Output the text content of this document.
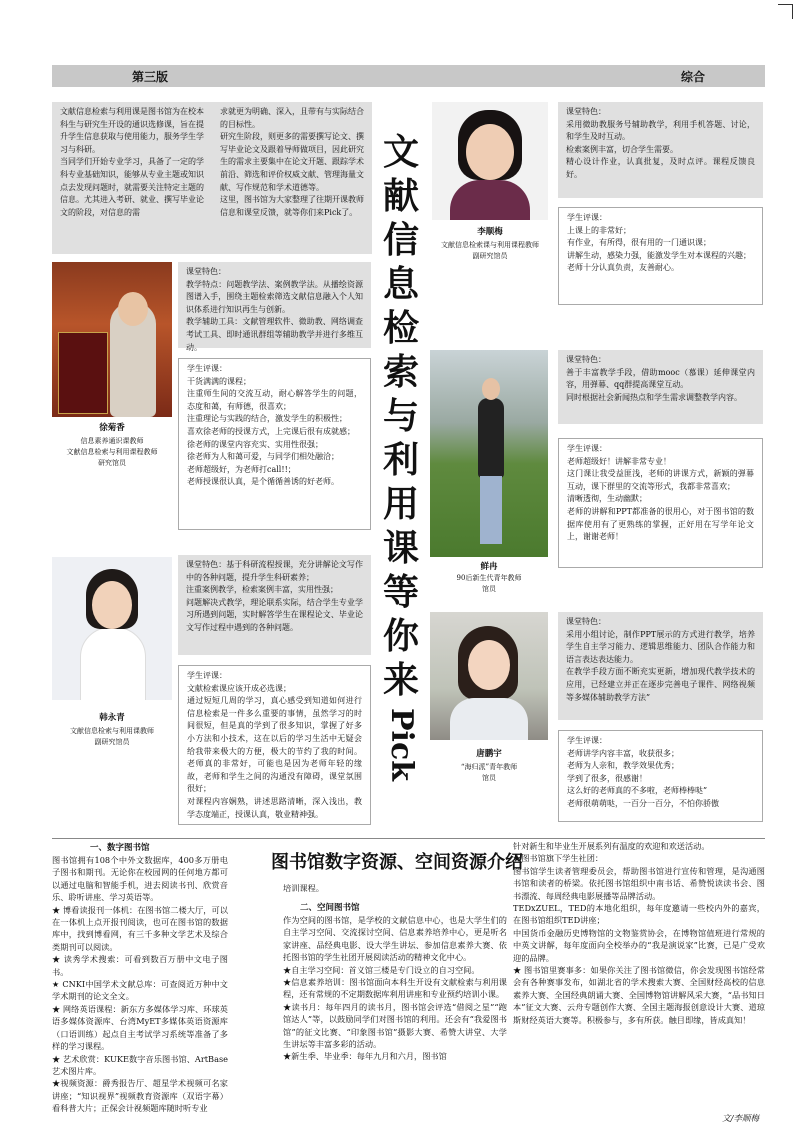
第三版	综合
文献信息检索与利用课是图书馆为在校本科生与研究生开设的通识选修课，旨在提升学生信息获取与使用能力，服务学生学习与科研。
当同学们开始专业学习，具备了一定的学科专业基础知识，能够从专业主题或知识点去发现问题时，就需要关注特定主题的信息。尤其进入考研、就业、撰写毕业论文的阶段，对信息的需
求就更为明确、深入，且带有与实际结合的目标性。
研究生阶段，则更多的需要撰写论文、撰写毕业论文及跟着导师做项目，因此研究生的需求主要集中在论文开题、跟踪学术前沿、筛选和评价权威文献、管理海量文献、写作规范和学术道德等。
这里，图书馆为大家整理了往期开课教师信息和课堂反馈，就等你们来Pick了。
文
献
信
息
检
索
与
利
用
课
等
你
来
Pick
徐菊香
信息素养通识课教师
文献信息检索与利用课程教师
研究馆员
课堂特色：
教学特点：问题教学法、案例教学法。从播绘资源图谱入手，围绕主题检索筛选文献信息融入个人知识体系进行知识再生与创新。
教学辅助工具：文献管理软件、微助教、网络调查考试工具、即时通讯群组等辅助教学并进行多维互动。
学生评课：
干货满满的课程；
注重师生间的交流互动，耐心解答学生的问题，态度和蔼，有师德，很喜欢；
注重理论与实践的结合，激发学生的积极性；
喜欢徐老师的授课方式，上完课后很有成就感；
徐老师的课堂内容充实、实用性很强；
徐老师为人和蔼可爱，与同学们相处融洽；
老师超级好，为老师打call!!；
老师授课很认真，是个循循善诱的好老师。
韩永青
文献信息检索与利用课教师
副研究馆员
课堂特色：基于科研流程授课，充分讲解论文写作中的各种问题，提升学生科研素养；
注重案例教学，检索案例丰富，实用性强；
问题解决式教学，理论联系实际，结合学生专业学习所遇到问题，实时解答学生在课程论文、毕业论文写作过程中遇到的各种问题。
学生评课：
文献检索课应该开成必选课；
通过短短几周的学习，真心感受到知道如何进行信息检索是一件多么重要的事情，虽然学习的时间很短，但是真的学到了很多知识，掌握了好多小方法和小技术，这在以后的学习生活中无疑会给我带来极大的方便，极大的节约了我的时间。老师真的非常好，可能也是因为老师年轻的缘故，老师和学生之间的沟通没有障碍，课堂氛围很好；
对课程内容娴熟，讲述思路清晰，深入浅出，教学态度端正，授课认真，敬业精神强。
李顺梅
文献信息检索课与利用课程教师
副研究馆员
课堂特色：
采用微助教服务号辅助教学，利用手机答题、讨论，和学生及时互动。
检索案例丰富，切合学生需要。
精心设计作业，认真批复，及时点评。课程反馈良好。
学生评课：
上课上的非常好；
有作业，有所得，很有用的一门通识课；
讲解生动，感染力强，能激发学生对本课程的兴趣；
老师十分认真负责，友善耐心。
鲜冉
90后新生代青年教师
馆员
课堂特色：
善于丰富教学手段，借助mooc（慕课）延伸课堂内容，用弹幕、qq群提高课堂互动。
同时根据社会新闻热点和学生需求调整教学内容。
学生评课：
老师超级好！讲解非常专业！
这门课让我受益匪浅，老师的讲课方式，新颖的弹幕互动，课下群里的交流等形式，我都非常喜欢；
清晰透彻，生动幽默；
老师的讲解和PPT都准备的很用心，对于图书馆的数据库使用有了更熟练的掌握，正好用在写学年论文上，谢谢老师！
唐鹏宇
“海归派”青年教师
馆员
课堂特色：
采用小组讨论，制作PPT展示的方式进行教学，培养学生自主学习能力、逻辑思维能力、团队合作能力和语言表达表达能力。
在教学手段方面不断充实更新，增加现代教学技术的应用，已经建立并正在逐步完善电子课件、网络视频等多媒体辅助教学方法”
学生评课：
老师讲学内容丰富，收获很多；
老师为人亲和，教学效果优秀；
学到了很多，很感谢！
这么好的老师真的不多啦，老师棒棒哒”
老师很萌萌哒，一百分一百分，不怕你骄傲
图书馆数字资源、空间资源介绍
一、数字图书馆
图书馆拥有108个中外文数据库，400多万册电子图书和期刊。无论你在校园网的任何地方都可以通过电脑和智能手机，进去阅读书刊、欣赏音乐、聆听讲座、学习英语等。
★ 博看读报刊一体机：在图书馆二楼大厅，可以在一体机上点开报刊阅读，也可在图书馆的数据库中，找到博看网，有三千多种文学艺术及综合类期刊可以阅读。
★ 读秀学术搜索：可看到数百万册中文电子图书。
★ CNKI中国学术文献总库：可查阅近万种中文学术期刊的论文全文。
★ 网络英语课程：新东方多媒体学习库、环球英语多媒体资源库、台湾MyET多媒体英语资源库（口语训练）起点自主考试学习系统等准备了多样的学习课程。
★ 艺术欣赏：KUKE数字音乐图书馆、ArtBase艺术图片库。
★视频资源：爵秀报告厅、超星学术视频可名家讲座；“知识视界”视频教育资源库（双语字幕）看科普大片；正保会计视频题库随时听专业
培训课程。
二、空间图书馆
作为空间的图书馆，是学校的文献信息中心，也是大学生们的自主学习空间、交流探讨空间、信息素养培养中心，更是听名家讲座、品经典电影、设大学生讲坛、参加信息素养大赛、依托图书馆的学生社团开展阅读活动的精神文化中心。
★自主学习空间：首义馆三楼是专门设立的自习空间。
★信息素养培训：图书馆面向本科生开设有文献检索与利用课程，还有常规的不定期数据库利用讲座和专业预约培训小课。
★读书月：每年四月的读书月，图书馆会评选“借阅之星”“跑馆达人”等，以鼓励同学们对图书馆的利用。还会有“我爱图书馆”的征文比赛、“印象图书馆”摄影大赛、希赞大讲堂、大学生讲坛等丰富多彩的活动。
★新生季、毕业季：每年九月和六月，图书馆
针对新生和毕业生开展系列有温度的欢迎和欢送活动。
★图书馆旗下学生社团：
图书馆学生读者管理委员会，帮助图书馆进行宣传和管理，是沟通图书馆和读者的桥梁。依托图书馆组织中南书话、希赞悦读读书会、图书漂流、每周经典电影展播等品牌活动。
TEDxZUEL，TED的本地化组织，每年度邀请一些校内外的嘉宾，在图书馆组织TED讲座；
中国货币金融历史博物馆的文物鉴赏协会，在博物馆值班进行常规的中英文讲解，每年度面向全校举办的“我是演说家”比赛，已是广受欢迎的品牌。
★ 图书馆里赛事多：如果你关注了图书馆微信，你会发现图书馆经常会有各种赛事发布，如湖北省的学术搜索大赛、全国财经高校的信息素养大赛、全国经典朗诵大赛、全国博物馆讲解风采大赛，“品书知日本”征文大赛、云舟专题创作大赛、全国主题海报创意设计大赛、道琼斯财经英语大赛等。积极参与，多有所获。触目即缘，皆成真知！
文/李顺梅
